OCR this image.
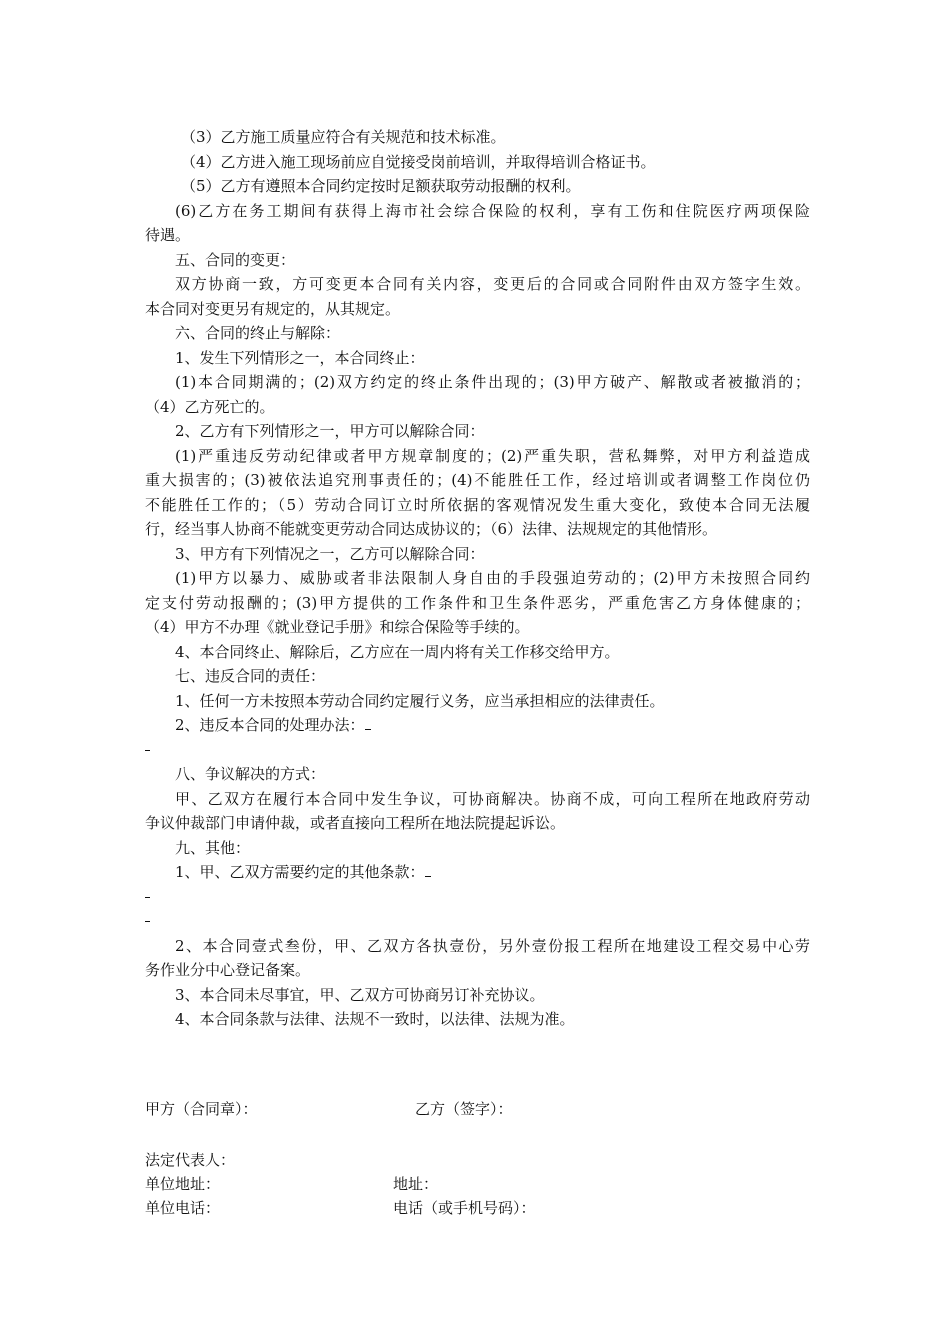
（3）乙方施工质量应符合有关规范和技术标准。
（4）乙方进入施工现场前应自觉接受岗前培训，并取得培训合格证书。
（5）乙方有遵照本合同约定按时足额获取劳动报酬的权利。
(6)乙方在务工期间有获得上海市社会综合保险的权利，享有工伤和住院医疗两项保险
待遇。
五、合同的变更：
双方协商一致，方可变更本合同有关内容，变更后的合同或合同附件由双方签字生效。
本合同对变更另有规定的，从其规定。
六、合同的终止与解除：
1、发生下列情形之一，本合同终止：
(1)本合同期满的；(2)双方约定的终止条件出现的；(3)甲方破产、解散或者被撤消的；
（4）乙方死亡的。
2、乙方有下列情形之一，甲方可以解除合同：
(1)严重违反劳动纪律或者甲方规章制度的；(2)严重失职，营私舞弊，对甲方利益造成
重大损害的；(3)被依法追究刑事责任的；(4)不能胜任工作，经过培训或者调整工作岗位仍
不能胜任工作的；（5）劳动合同订立时所依据的客观情况发生重大变化，致使本合同无法履
行，经当事人协商不能就变更劳动合同达成协议的；（6）法律、法规规定的其他情形。
3、甲方有下列情况之一，乙方可以解除合同：
(1)甲方以暴力、威胁或者非法限制人身自由的手段强迫劳动的；(2)甲方未按照合同约
定支付劳动报酬的；(3)甲方提供的工作条件和卫生条件恶劣，严重危害乙方身体健康的；
（4）甲方不办理《就业登记手册》和综合保险等手续的。
4、本合同终止、解除后，乙方应在一周内将有关工作移交给甲方。
七、违反合同的责任：
1、任何一方未按照本劳动合同约定履行义务，应当承担相应的法律责任。
2、违反本合同的处理办法：
八、争议解决的方式：
甲、乙双方在履行本合同中发生争议，可协商解决。协商不成，可向工程所在地政府劳动
争议仲裁部门申请仲裁，或者直接向工程所在地法院提起诉讼。
九、其他：
1、甲、乙双方需要约定的其他条款：
2、本合同壹式叁份，甲、乙双方各执壹份，另外壹份报工程所在地建设工程交易中心劳
务作业分中心登记备案。
3、本合同未尽事宜，甲、乙双方可协商另订补充协议。
4、本合同条款与法律、法规不一致时，以法律、法规为准。
甲方（合同章）：	乙方（签字）：
法定代表人：
单位地址：	地址：
单位电话：	电话（或手机号码）：
